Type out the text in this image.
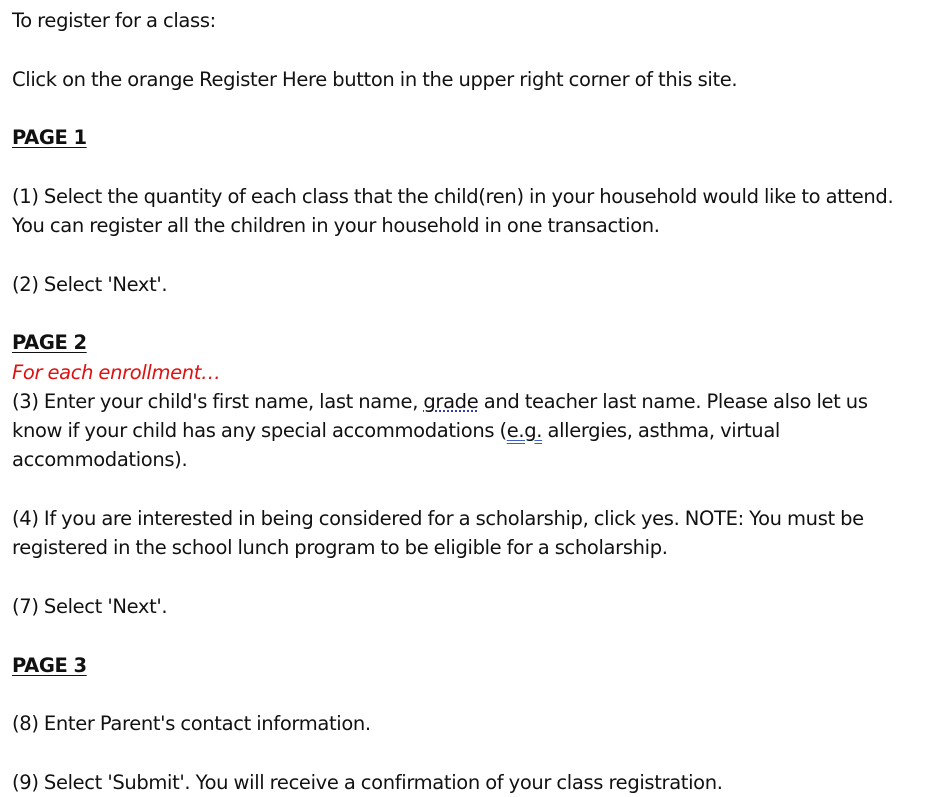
To register for a class:
Click on the orange Register Here button in the upper right corner of this site.
PAGE 1
(1) Select the quantity of each class that the child(ren) in your household would like to attend.
You can register all the children in your household in one transaction.
(2) Select 'Next'.
PAGE 2
For each enrollment…
(3) Enter your child's first name, last name, grade and teacher last name. Please also let us
know if your child has any special accommodations (e.g. allergies, asthma, virtual
accommodations).
(4) If you are interested in being considered for a scholarship, click yes. NOTE: You must be
registered in the school lunch program to be eligible for a scholarship.
(7) Select 'Next'.
PAGE 3
(8) Enter Parent's contact information.
(9) Select 'Submit'. You will receive a confirmation of your class registration.
